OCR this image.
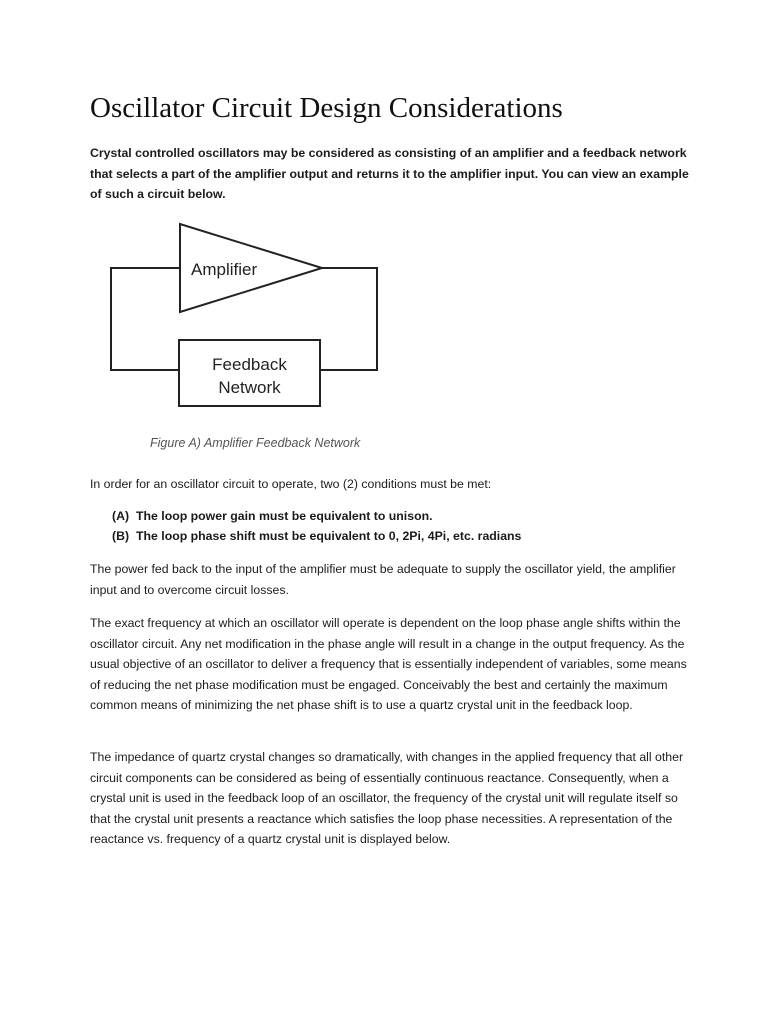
Oscillator Circuit Design Considerations

Crystal controlled oscillators may be considered as consisting of an amplifier and a feedback network that selects a part of the amplifier output and returns it to the amplifier input. You can view an example of such a circuit below.

Amplifier
Feedback
Network
Figure A) Amplifier Feedback Network

In order for an oscillator circuit to operate, two (2) conditions must be met:

(A) The loop power gain must be equivalent to unison.
(B) The loop phase shift must be equivalent to 0, 2Pi, 4Pi, etc. radians

The power fed back to the input of the amplifier must be adequate to supply the oscillator yield, the amplifier input and to overcome circuit losses.

The exact frequency at which an oscillator will operate is dependent on the loop phase angle shifts within the oscillator circuit. Any net modification in the phase angle will result in a change in the output frequency. As the usual objective of an oscillator to deliver a frequency that is essentially independent of variables, some means of reducing the net phase modification must be engaged. Conceivably the best and certainly the maximum common means of minimizing the net phase shift is to use a quartz crystal unit in the feedback loop.

The impedance of quartz crystal changes so dramatically, with changes in the applied frequency that all other circuit components can be considered as being of essentially continuous reactance. Consequently, when a crystal unit is used in the feedback loop of an oscillator, the frequency of the crystal unit will regulate itself so that the crystal unit presents a reactance which satisfies the loop phase necessities. A representation of the reactance vs. frequency of a quartz crystal unit is displayed below.
